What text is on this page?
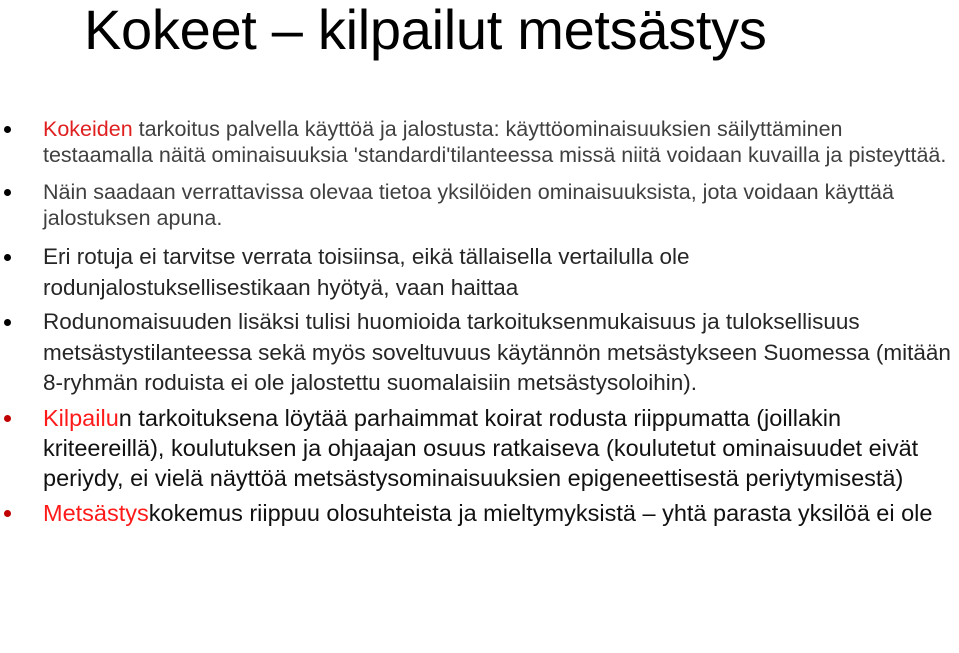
Kokeet – kilpailut metsästys
Kokeiden tarkoitus palvella käyttöä ja jalostusta: käyttöominaisuuksien säilyttäminen testaamalla näitä ominaisuuksia 'standardi'tilanteessa missä niitä voidaan kuvailla ja pisteyttää.
Näin saadaan verrattavissa olevaa tietoa yksilöiden ominaisuuksista, jota voidaan käyttää jalostuksen apuna.
Eri rotuja ei tarvitse verrata toisiinsa, eikä tällaisella vertailulla ole rodunjalostuksellisestikaan hyötyä, vaan haittaa
Rodunomaisuuden lisäksi tulisi huomioida tarkoituksenmukaisuus ja tuloksellisuus metsästystilanteessa sekä myös soveltuvuus käytännön metsästykseen Suomessa (mitään 8-ryhmän roduista ei ole jalostettu suomalaisiin metsästysoloihin).
Kilpailun tarkoituksena löytää parhaimmat koirat rodusta riippumatta (joillakin kriteereillä), koulutuksen ja ohjaajan osuus ratkaiseva (koulutetut ominaisuudet eivät periydy, ei vielä näyttöä metsästysominaisuuksien epigeneettisestä periytymisestä)
Metsästyskokemus riippuu olosuhteista ja mieltymyksistä – yhtä parasta yksilöä ei ole
